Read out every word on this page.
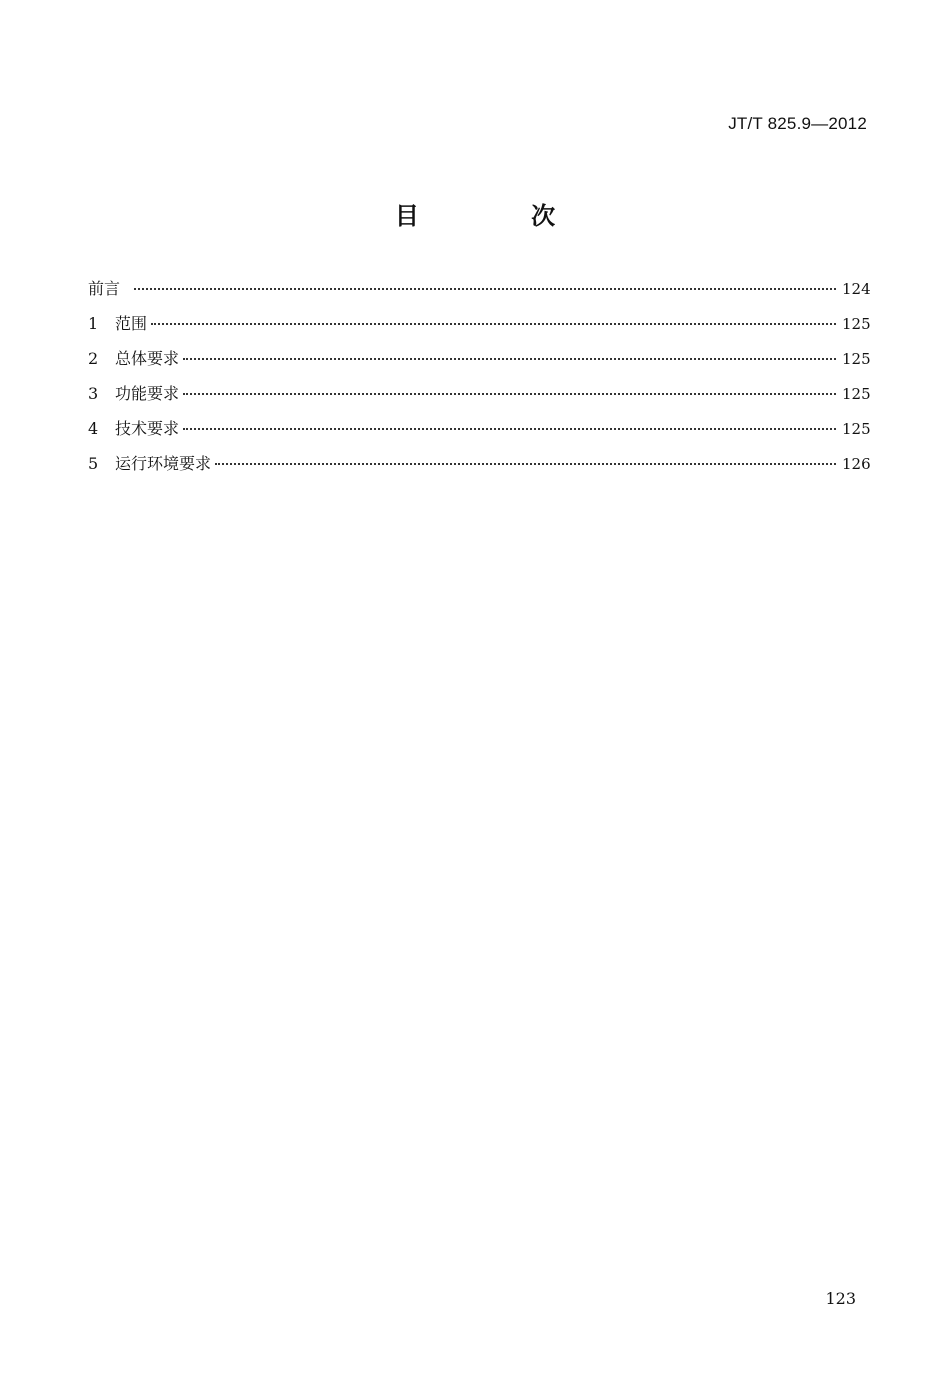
JT/T 825.9—2012
目 次
前言	124
1	范围	125
2	总体要求	125
3	功能要求	125
4	技术要求	125
5	运行环境要求	126
123
